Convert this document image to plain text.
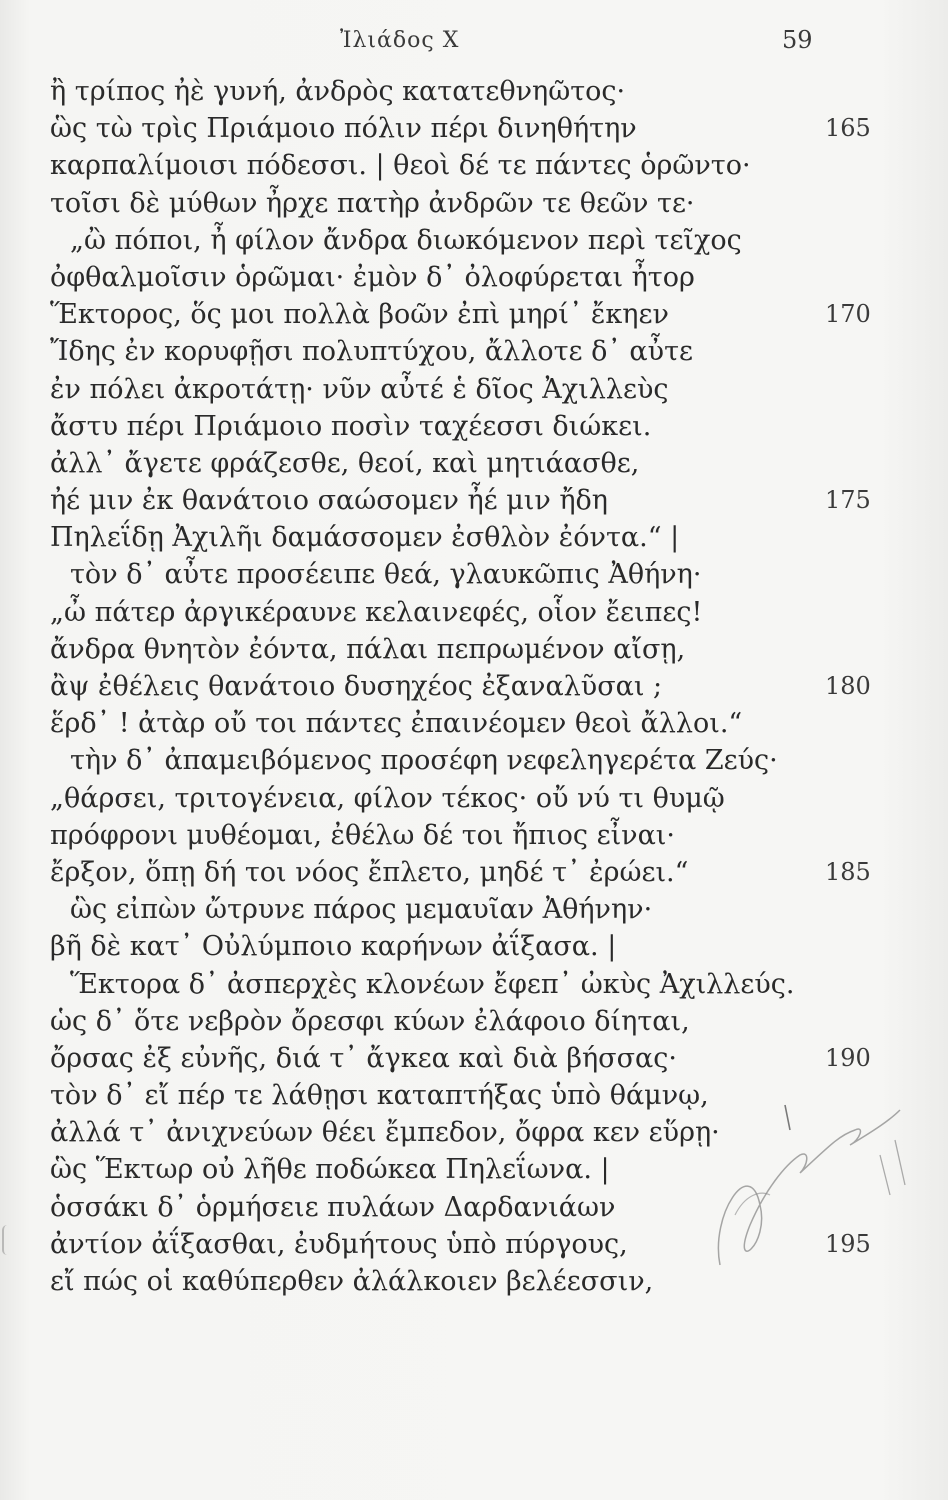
Ἰλιάδος Χ	59
ἢ τρίπος ἠὲ γυνή, ἀνδρὸς κατατεθνηῶτος·
ὣς τὼ τρὶς Πριάμοιο πόλιν πέρι δινηθήτην	165
καρπαλίμοισι πόδεσσι. | θεοὶ δέ τε πάντες ὁρῶντο·
τοῖσι δὲ μύθων ἦρχε πατὴρ ἀνδρῶν τε θεῶν τε·
„ὢ πόποι, ἦ φίλον ἄνδρα διωκόμενον περὶ τεῖχος
ὀφθαλμοῖσιν ὁρῶμαι· ἐμὸν δ᾽ ὀλοφύρεται ἦτορ
Ἕκτορος, ὅς μοι πολλὰ βοῶν ἐπὶ μηρί᾽ ἔκηεν	170
Ἴδης ἐν κορυφῇσι πολυπτύχου, ἄλλοτε δ᾽ αὖτε
ἐν πόλει ἀκροτάτῃ· νῦν αὖτέ ἑ δῖος Ἀχιλλεὺς
ἄστυ πέρι Πριάμοιο ποσὶν ταχέεσσι διώκει.
ἀλλ᾽ ἄγετε φράζεσθε, θεοί, καὶ μητιάασθε,
ἠέ μιν ἐκ θανάτοιο σαώσομεν ἦέ μιν ἤδη	175
Πηλεΐδῃ Ἀχιλῆι δαμάσσομεν ἐσθλὸν ἐόντα.“ |
τὸν δ᾽ αὖτε προσέειπε θεά, γλαυκῶπις Ἀθήνη·
„ὦ πάτερ ἀργικέραυνε κελαινεφές, οἷον ἔειπες!
ἄνδρα θνητὸν ἐόντα, πάλαι πεπρωμένον αἴσῃ,
ἂψ ἐθέλεις θανάτοιο δυσηχέος ἐξαναλῦσαι ;	180
ἕρδ᾽ ! ἀτὰρ οὔ τοι πάντες ἐπαινέομεν θεοὶ ἄλλοι.“
τὴν δ᾽ ἀπαμειβόμενος προσέφη νεφεληγερέτα Ζεύς·
„θάρσει, τριτογένεια, φίλον τέκος· οὔ νύ τι θυμῷ
πρόφρονι μυθέομαι, ἐθέλω δέ τοι ἤπιος εἶναι·
ἔρξον, ὅπῃ δή τοι νόος ἔπλετο, μηδέ τ᾽ ἐρώει.“	185
ὣς εἰπὼν ὤτρυνε πάρος μεμαυῖαν Ἀθήνην·
βῆ δὲ κατ᾽ Οὐλύμποιο καρήνων ἀΐξασα. |
Ἕκτορα δ᾽ ἀσπερχὲς κλονέων ἔφεπ᾽ ὠκὺς Ἀχιλλεύς.
ὡς δ᾽ ὅτε νεβρὸν ὄρεσφι κύων ἐλάφοιο δίηται,
ὄρσας ἐξ εὐνῆς, διά τ᾽ ἄγκεα καὶ διὰ βήσσας·	190
τὸν δ᾽ εἴ πέρ τε λάθῃσι καταπτήξας ὑπὸ θάμνῳ,
ἀλλά τ᾽ ἀνιχνεύων θέει ἔμπεδον, ὄφρα κεν εὕρῃ·
ὣς Ἕκτωρ οὐ λῆθε ποδώκεα Πηλεΐωνα. |
ὁσσάκι δ᾽ ὁρμήσειε πυλάων Δαρδανιάων
ἀντίον ἀΐξασθαι, ἐυδμήτους ὑπὸ πύργους,	195
εἴ πώς οἱ καθύπερθεν ἀλάλκοιεν βελέεσσιν,
